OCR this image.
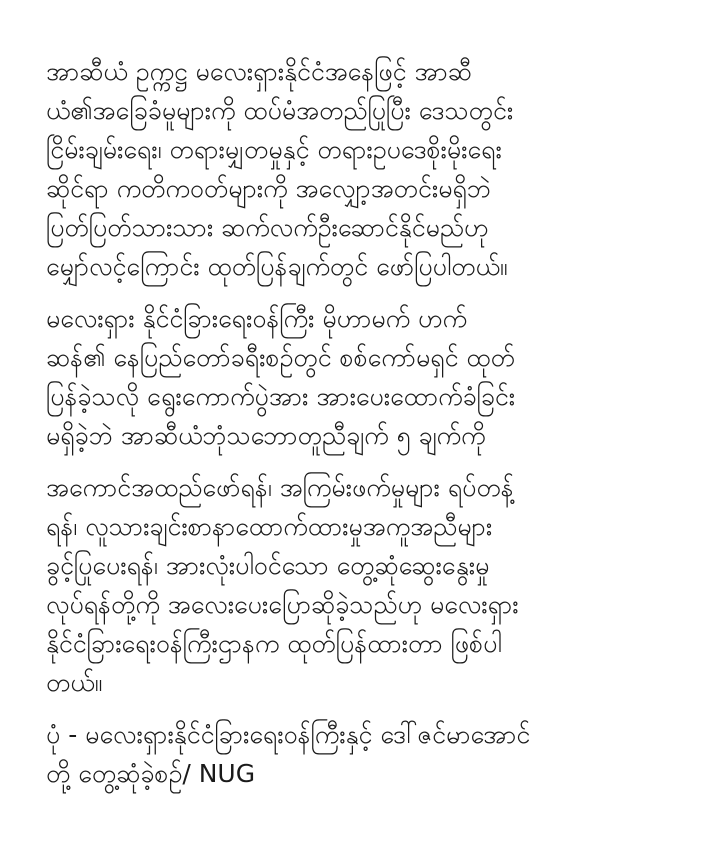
အာဆီယံ ဥက္ကဋ္ဌ မလေးရှားနိုင်ငံအနေဖြင့် အာဆီ
ယံ၏အခြေခံမူများကို ထပ်မံအတည်ပြုပြီး ဒေသတွင်း
ငြိမ်းချမ်းရေး၊ တရားမျှတမှုနှင့် တရားဥပဒေစိုးမိုးရေး
ဆိုင်ရာ ကတိကဝတ်များကို အလျှော့အတင်းမရှိဘဲ
ပြတ်ပြတ်သားသား ဆက်လက်ဦးဆောင်နိုင်မည်ဟု
မျှော်လင့်ကြောင်း ထုတ်ပြန်ချက်တွင် ဖော်ပြပါတယ်။
မလေးရှား နိုင်ငံခြားရေးဝန်ကြီး မိုဟာမက် ဟက်
ဆန်၏ နေပြည်တော်ခရီးစဉ်တွင် စစ်ကော်မရှင် ထုတ်
ပြန်ခဲ့သလို ရွေးကောက်ပွဲအား အားပေးထောက်ခံခြင်း
မရှိခဲ့ဘဲ အာဆီယံဘုံသဘောတူညီချက် ၅ ချက်ကို
အကောင်အထည်ဖော်ရန်၊ အကြမ်းဖက်မှုများ ရပ်တန့်
ရန်၊ လူသားချင်းစာနာထောက်ထားမှုအကူအညီများ
ခွင့်ပြုပေးရန်၊ အားလုံးပါဝင်သော တွေ့ဆုံဆွေးနွေးမှု
လုပ်ရန်တို့ကို အလေးပေးပြောဆိုခဲ့သည်ဟု မလေးရှား
နိုင်ငံခြားရေးဝန်ကြီးဌာနက ထုတ်ပြန်ထားတာ ဖြစ်ပါ
တယ်။
ပုံ - မလေးရှားနိုင်ငံခြားရေးဝန်ကြီးနှင့် ဒေါ်ဇင်မာအောင်
တို့ တွေ့ဆုံခဲ့စဉ်/ NUG
